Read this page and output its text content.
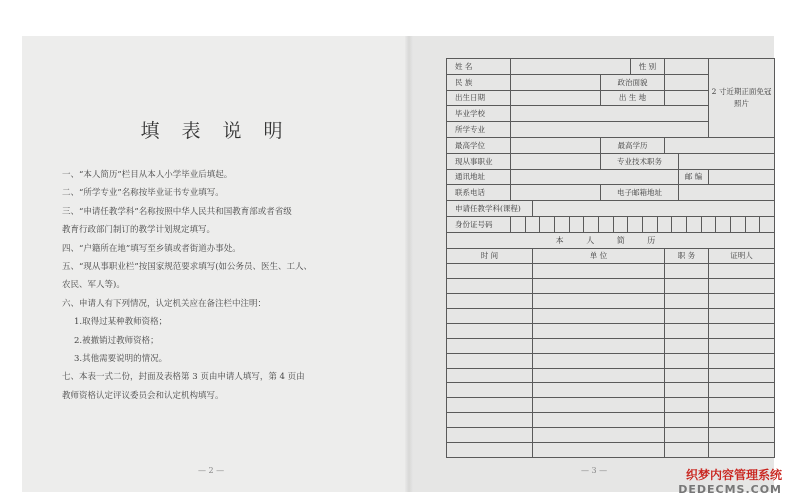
填 表 说 明
一、“本人简历”栏目从本人小学毕业后填起。
二、“所学专业”名称按毕业证书专业填写。
三、“申请任教学科”名称按照中华人民共和国教育部或者省级
教育行政部门制订的教学计划规定填写。
四、“户籍所在地”填写至乡镇或者街道办事处。
五、“现从事职业栏”按国家规范要求填写(如公务员、医生、工人、
农民、军人等)。
六、申请人有下列情况，认定机关应在备注栏中注明：
1.取得过某种教师资格；
2.被撤销过教师资格；
3.其他需要说明的情况。
七、本表一式二份，封面及表格第 3 页由申请人填写，第 4 页由
教师资格认定评议委员会和认定机构填写。
— 2 —	— 3 —
姓 名				性 别			2 寸近期正面免冠照片
民 族			政治面貌				
出生日期			出 生 地				
毕业学校							
所学专业							
最高学位			最高学历				
现从事职业			专业技术职务				
通讯地址						邮 编	
联系电话			电子邮箱地址				
申请任教学科(课程)							
身份证号码							

本 人 简 历							
时 间		单 位			职 务		证明人

织梦内容管理系统
DEDECMS.COM
